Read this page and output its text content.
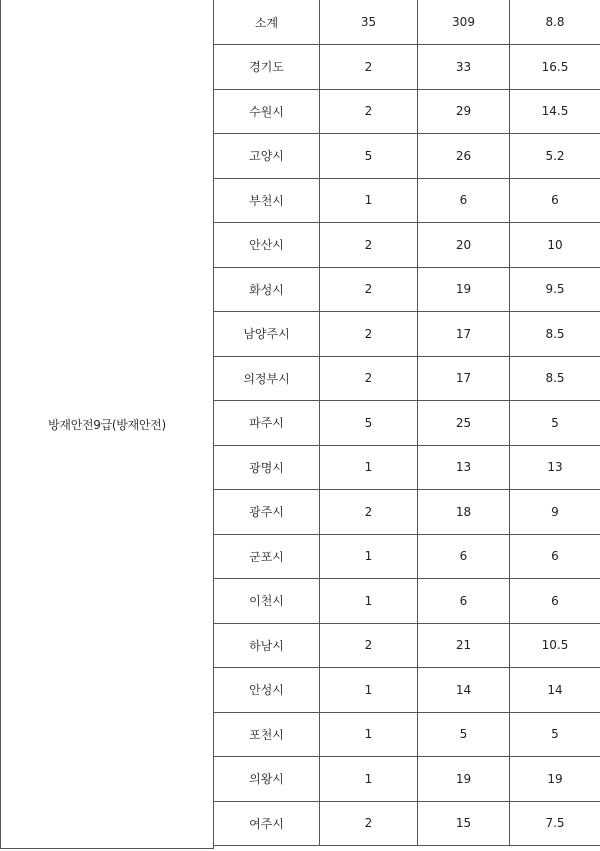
방재안전9급(방재안전)
소계	35	309	8.8
경기도	2	33	16.5
수원시	2	29	14.5
고양시	5	26	5.2
부천시	1	6	6
안산시	2	20	10
화성시	2	19	9.5
남양주시	2	17	8.5
의정부시	2	17	8.5
파주시	5	25	5
광명시	1	13	13
광주시	2	18	9
군포시	1	6	6
이천시	1	6	6
하남시	2	21	10.5
안성시	1	14	14
포천시	1	5	5
의왕시	1	19	19
여주시	2	15	7.5
